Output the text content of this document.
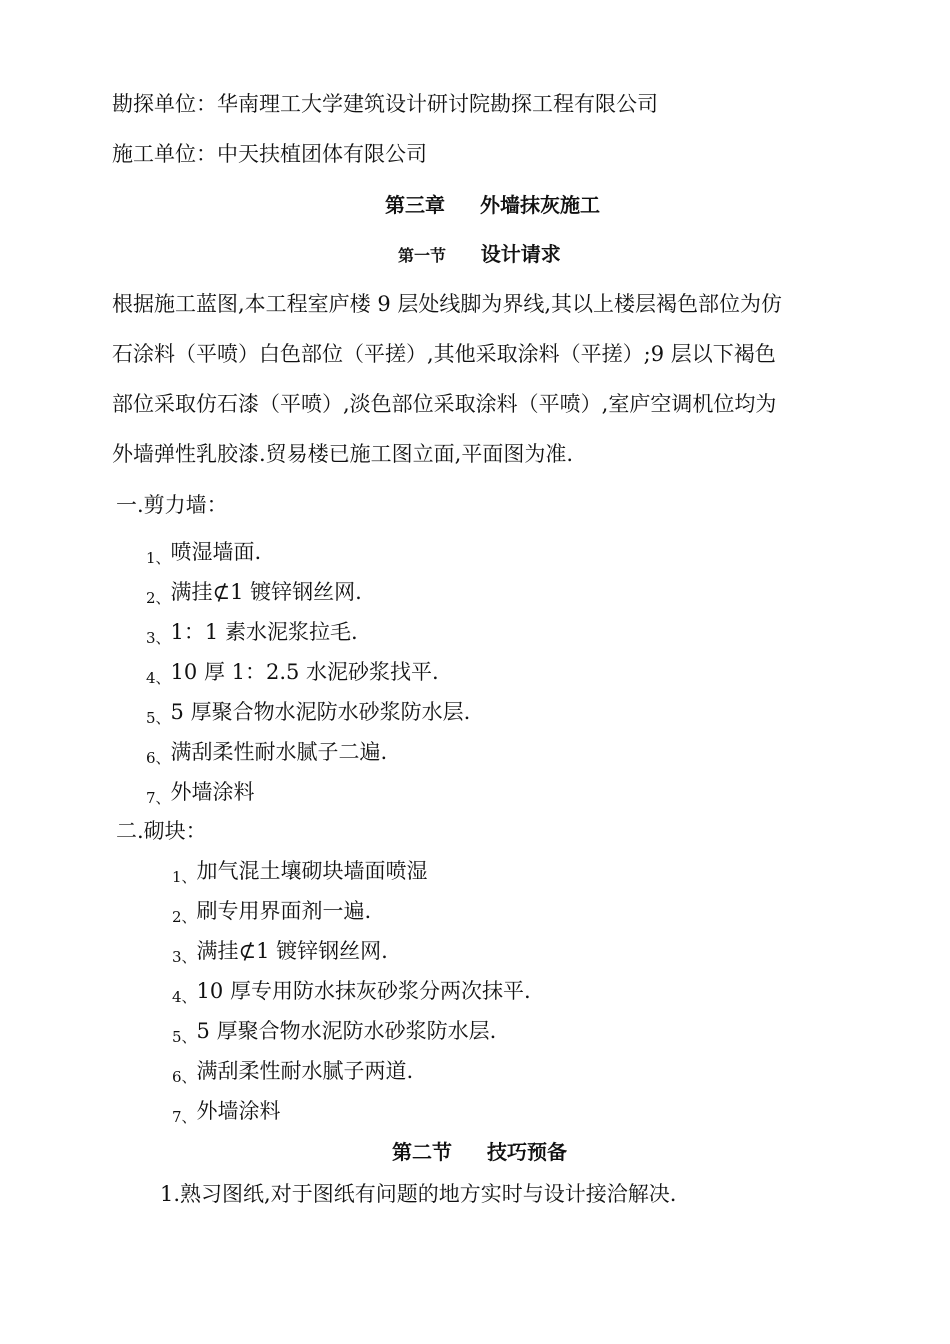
勘探单位：华南理工大学建筑设计研讨院勘探工程有限公司
施工单位：中天扶植团体有限公司
第三章 外墙抹灰施工
第一节 设计请求
根据施工蓝图,本工程室庐楼 9 层处线脚为界线,其以上楼层褐色部位为仿
石涂料（平喷）白色部位（平搓）,其他采取涂料（平搓）;9 层以下褐色
部位采取仿石漆（平喷）,淡色部位采取涂料（平喷）,室庐空调机位均为
外墙弹性乳胶漆.贸易楼已施工图立面,平面图为准.
一.剪力墙：
1、喷湿墙面.
2、满挂⊄1 镀锌钢丝网.
3、1：1 素水泥浆拉毛.
4、10 厚 1：2.5 水泥砂浆找平.
5、5 厚聚合物水泥防水砂浆防水层.
6、满刮柔性耐水腻子二遍.
7、外墙涂料
二.砌块：
1、加气混土壤砌块墙面喷湿
2、刷专用界面剂一遍.
3、满挂⊄1 镀锌钢丝网.
4、10 厚专用防水抹灰砂浆分两次抹平.
5、5 厚聚合物水泥防水砂浆防水层.
6、满刮柔性耐水腻子两道.
7、外墙涂料
第二节 技巧预备
1.熟习图纸,对于图纸有问题的地方实时与设计接洽解决.
